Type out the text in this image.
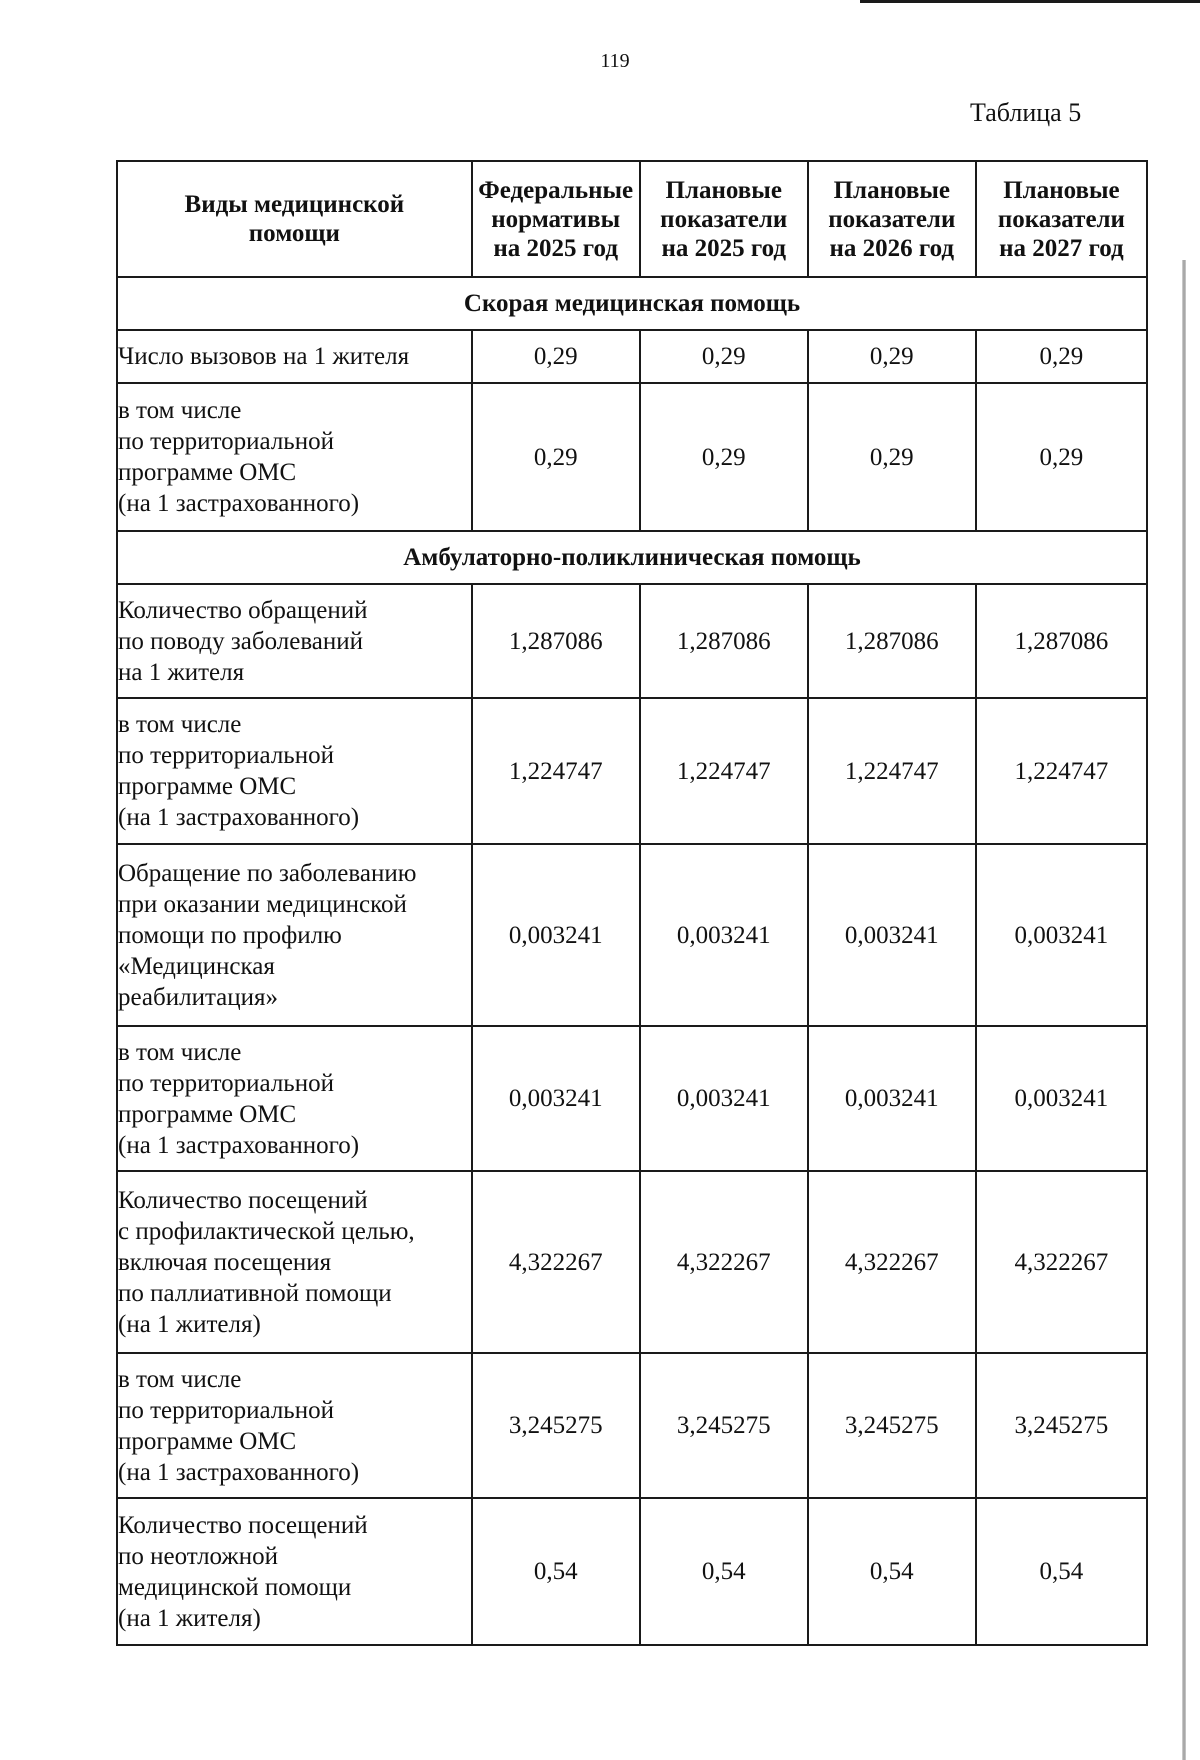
119
Таблица 5
Виды медицинской
помощи	Федеральные
нормативы
на 2025 год	Плановые
показатели
на 2025 год	Плановые
показатели
на 2026 год	Плановые
показатели
на 2027 год

Скорая медицинская помощь				

Число вызовов на 1 жителя	0,29	0,29	0,29	0,29

в том числе
по территориальной
программе ОМС
(на 1 застрахованного)	0,29	0,29	0,29	0,29
Амбулаторно-поликлиническая помощь				

Количество обращений
по поводу заболеваний
на 1 жителя	1,287086	1,287086	1,287086	1,287086

в том числе
по территориальной
программе ОМС
(на 1 застрахованного)	1,224747	1,224747	1,224747	1,224747

Обращение по заболеванию
при оказании медицинской
помощи по профилю
«Медицинская
реабилитация»	0,003241	0,003241	0,003241	0,003241

в том числе
по территориальной
программе ОМС
(на 1 застрахованного)	0,003241	0,003241	0,003241	0,003241

Количество посещений
с профилактической целью,
включая посещения
по паллиативной помощи
(на 1 жителя)	4,322267	4,322267	4,322267	4,322267

в том числе
по территориальной
программе ОМС
(на 1 застрахованного)	3,245275	3,245275	3,245275	3,245275

Количество посещений
по неотложной
медицинской помощи
(на 1 жителя)	0,54	0,54	0,54	0,54
